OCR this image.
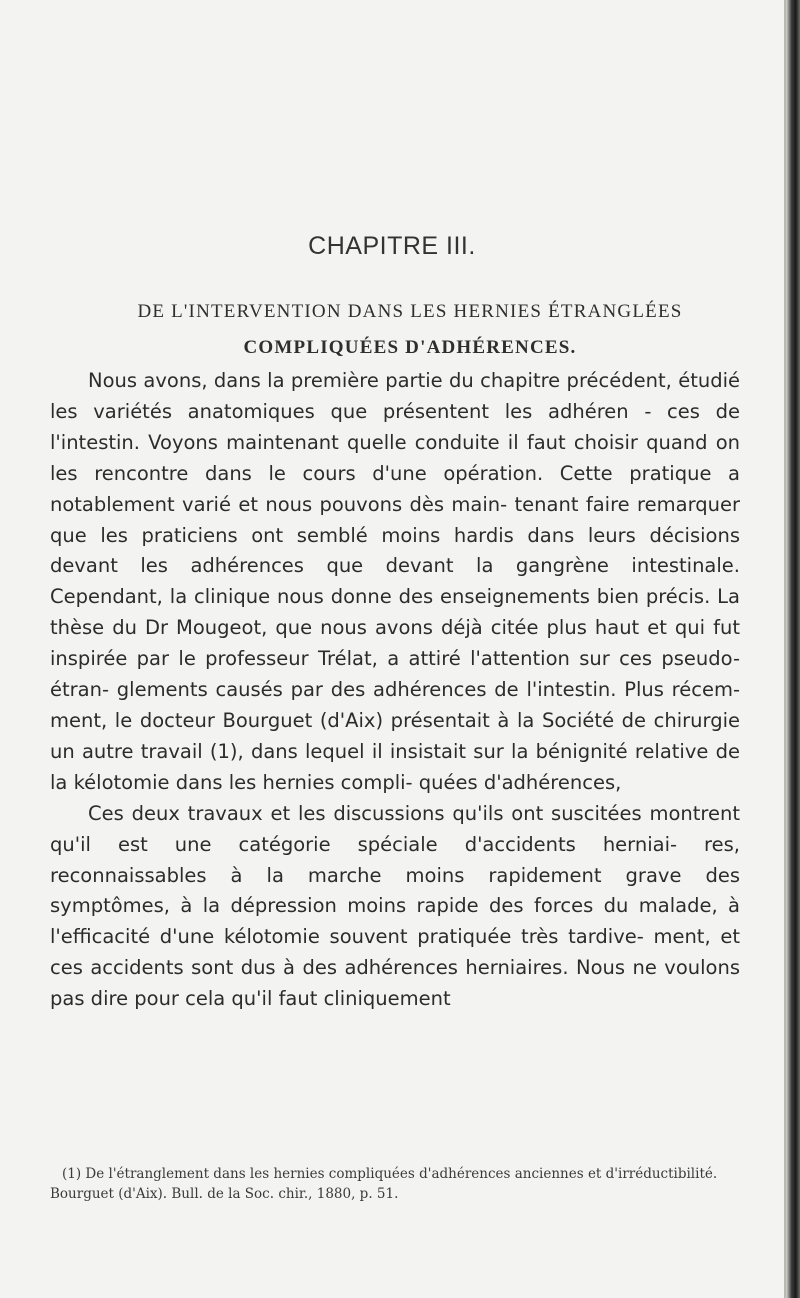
CHAPITRE III.
DE L'INTERVENTION DANS LES HERNIES ÉTRANGLÉES
COMPLIQUÉES D'ADHÉRENCES.

Nous avons, dans la première partie du chapitre précédent, étudié les variétés anatomiques que présentent les adhéren - ces de l'intestin. Voyons maintenant quelle conduite il faut choisir quand on les rencontre dans le cours d'une opération. Cette pratique a notablement varié et nous pouvons dès main- tenant faire remarquer que les praticiens ont semblé moins hardis dans leurs décisions devant les adhérences que devant la gangrène intestinale. Cependant, la clinique nous donne des enseignements bien précis. La thèse du Dr Mougeot, que nous avons déjà citée plus haut et qui fut inspirée par le professeur Trélat, a attiré l'attention sur ces pseudo-étran- glements causés par des adhérences de l'intestin. Plus récem- ment, le docteur Bourguet (d'Aix) présentait à la Société de chirurgie un autre travail (1), dans lequel il insistait sur la bénignité relative de la kélotomie dans les hernies compli- quées d'adhérences,

Ces deux travaux et les discussions qu'ils ont suscitées montrent qu'il est une catégorie spéciale d'accidents herniai- res, reconnaissables à la marche moins rapidement grave des symptômes, à la dépression moins rapide des forces du malade, à l'efficacité d'une kélotomie souvent pratiquée très tardive- ment, et ces accidents sont dus à des adhérences herniaires. Nous ne voulons pas dire pour cela qu'il faut cliniquement

(1) De l'étranglement dans les hernies compliquées d'adhérences anciennes et d'irréductibilité. Bourguet (d'Aix). Bull. de la Soc. chir., 1880, p. 51.
